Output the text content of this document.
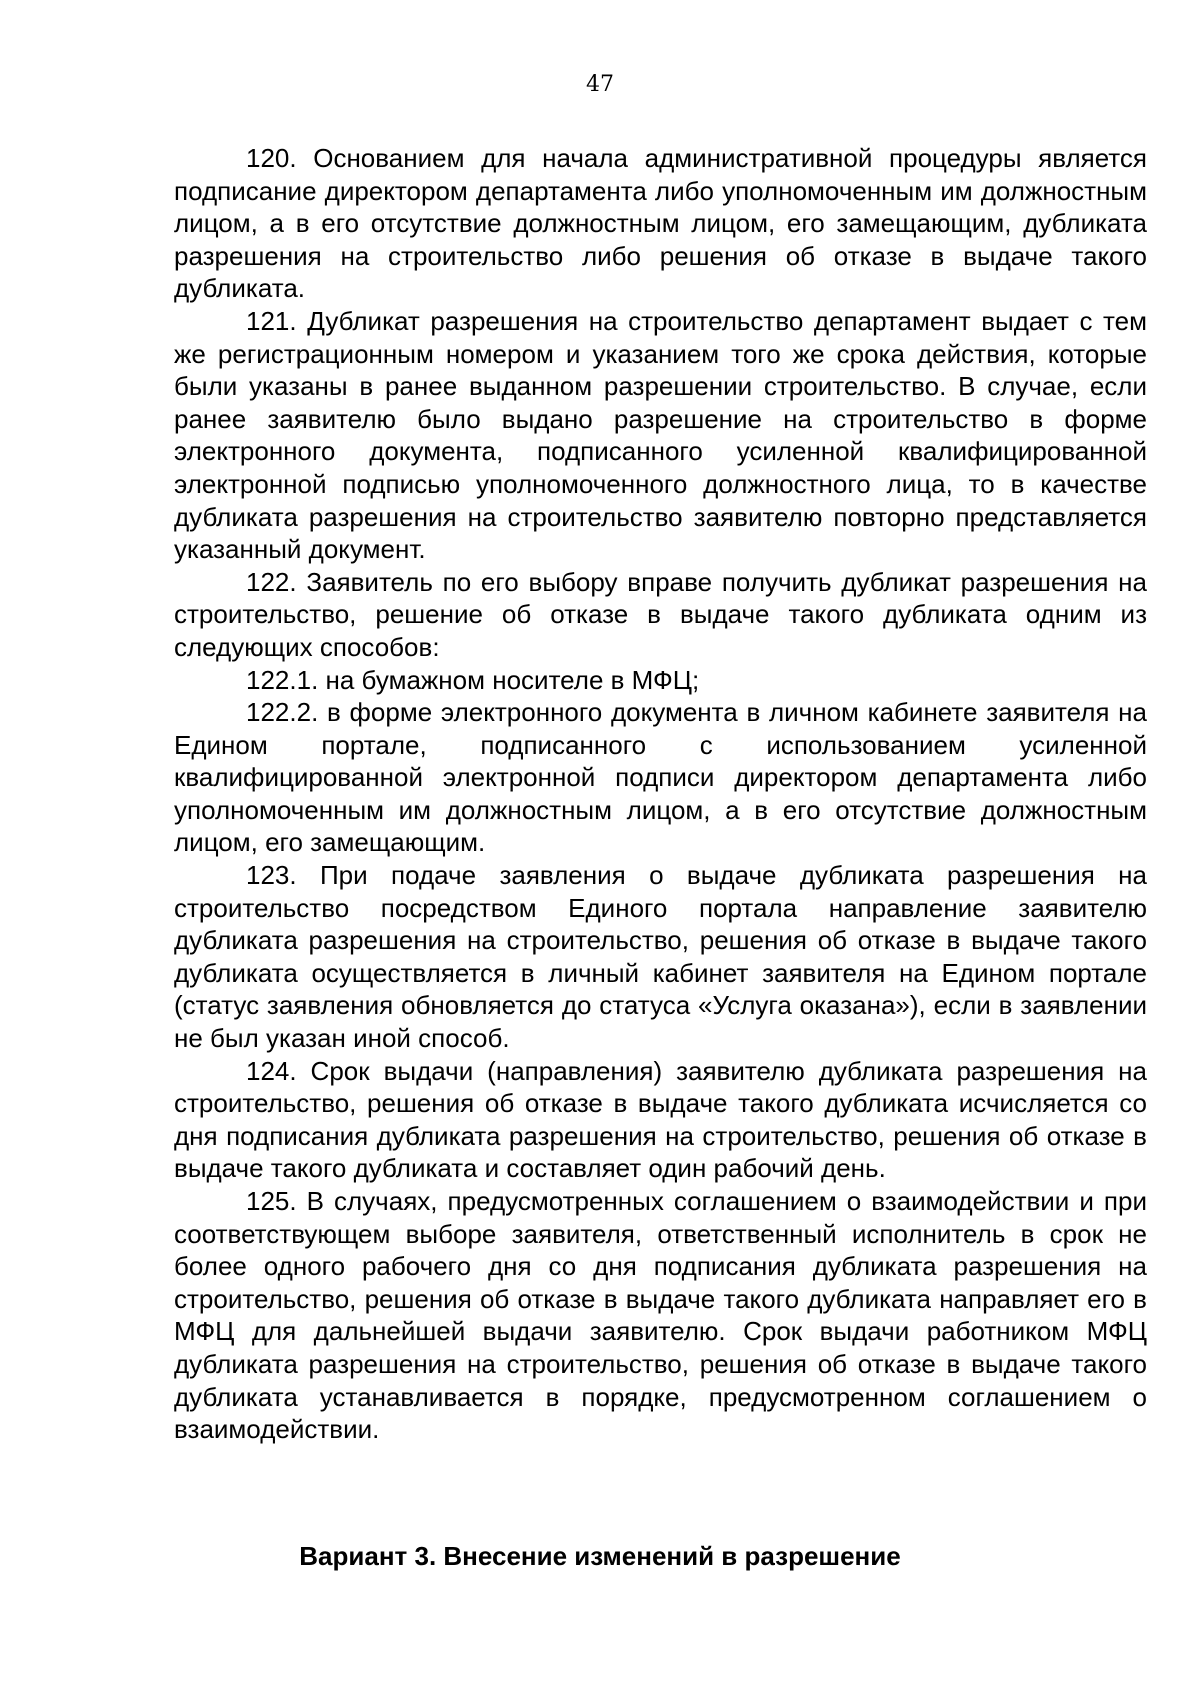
47

120. Основанием для начала административной процедуры является подписание директором департамента либо уполномоченным им должностным лицом, а в его отсутствие должностным лицом, его замещающим, дубликата разрешения на строительство либо решения об отказе в выдаче такого дубликата.

121. Дубликат разрешения на строительство департамент выдает с тем же регистрационным номером и указанием того же срока действия, которые были указаны в ранее выданном разрешении строительство. В случае, если ранее заявителю было выдано разрешение на строительство в форме электронного документа, подписанного усиленной квалифицированной электронной подписью уполномоченного должностного лица, то в качестве дубликата разрешения на строительство заявителю повторно представляется указанный документ.

122. Заявитель по его выбору вправе получить дубликат разрешения на строительство, решение об отказе в выдаче такого дубликата одним из следующих способов:

122.1. на бумажном носителе в МФЦ;

122.2. в форме электронного документа в личном кабинете заявителя на Едином портале, подписанного с использованием усиленной квалифицированной электронной подписи директором департамента либо уполномоченным им должностным лицом, а в его отсутствие должностным лицом, его замещающим.

123. При подаче заявления о выдаче дубликата разрешения на строительство посредством Единого портала направление заявителю дубликата разрешения на строительство, решения об отказе в выдаче такого дубликата осуществляется в личный кабинет заявителя на Едином портале (статус заявления обновляется до статуса «Услуга оказана»), если в заявлении не был указан иной способ.

124. Срок выдачи (направления) заявителю дубликата разрешения на строительство, решения об отказе в выдаче такого дубликата исчисляется со дня подписания дубликата разрешения на строительство, решения об отказе в выдаче такого дубликата и составляет один рабочий день.

125. В случаях, предусмотренных соглашением о взаимодействии и при соответствующем выборе заявителя, ответственный исполнитель в срок не более одного рабочего дня со дня подписания дубликата разрешения на строительство, решения об отказе в выдаче такого дубликата направляет его в МФЦ для дальнейшей выдачи заявителю. Срок выдачи работником МФЦ дубликата разрешения на строительство, решения об отказе в выдаче такого дубликата устанавливается в порядке, предусмотренном соглашением о взаимодействии.

Вариант 3. Внесение изменений в разрешение
